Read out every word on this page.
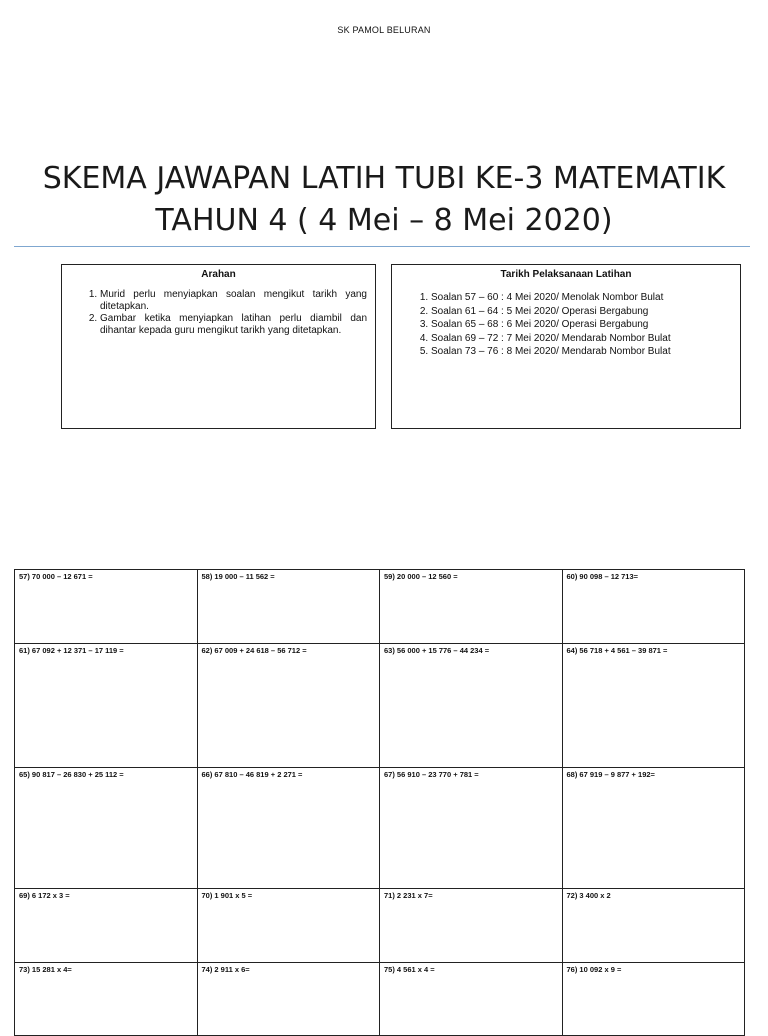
SK PAMOL BELURAN
SKEMA JAWAPAN LATIH TUBI KE-3 MATEMATIK
TAHUN 4 ( 4 Mei – 8 Mei 2020)
Arahan
1. Murid perlu menyiapkan soalan mengikut tarikh yang ditetapkan.
2. Gambar ketika menyiapkan latihan perlu diambil dan dihantar kepada guru mengikut tarikh yang ditetapkan.
Tarikh Pelaksanaan Latihan
1. Soalan 57 – 60 : 4 Mei 2020/ Menolak Nombor Bulat
2. Soalan 61 – 64 : 5 Mei 2020/ Operasi Bergabung
3. Soalan 65 – 68 : 6 Mei 2020/ Operasi Bergabung
4. Soalan 69 – 72 : 7 Mei 2020/ Mendarab Nombor Bulat
5. Soalan 73 – 76 : 8 Mei 2020/ Mendarab Nombor Bulat
57) 70 000 – 12 671 =	58) 19 000 – 11 562 =	59) 20 000 – 12 560 =	60) 90 098 – 12 713=
61) 67 092 + 12 371 – 17 119 =	62) 67 009 + 24 618 – 56 712 =	63) 56 000 + 15 776 – 44 234 =	64) 56 718 + 4 561 – 39 871 =
65) 90 817 – 26 830 + 25 112 =	66) 67 810 – 46 819 + 2 271 =	67) 56 910 – 23 770 + 781 =	68) 67 919 – 9 877 + 192=
69) 6 172 x 3 =	70) 1 901 x 5 =	71) 2 231 x 7=	72) 3 400 x 2
73) 15 281 x 4=	74) 2 911 x 6=	75) 4 561 x 4 =	76) 10 092 x 9 =
